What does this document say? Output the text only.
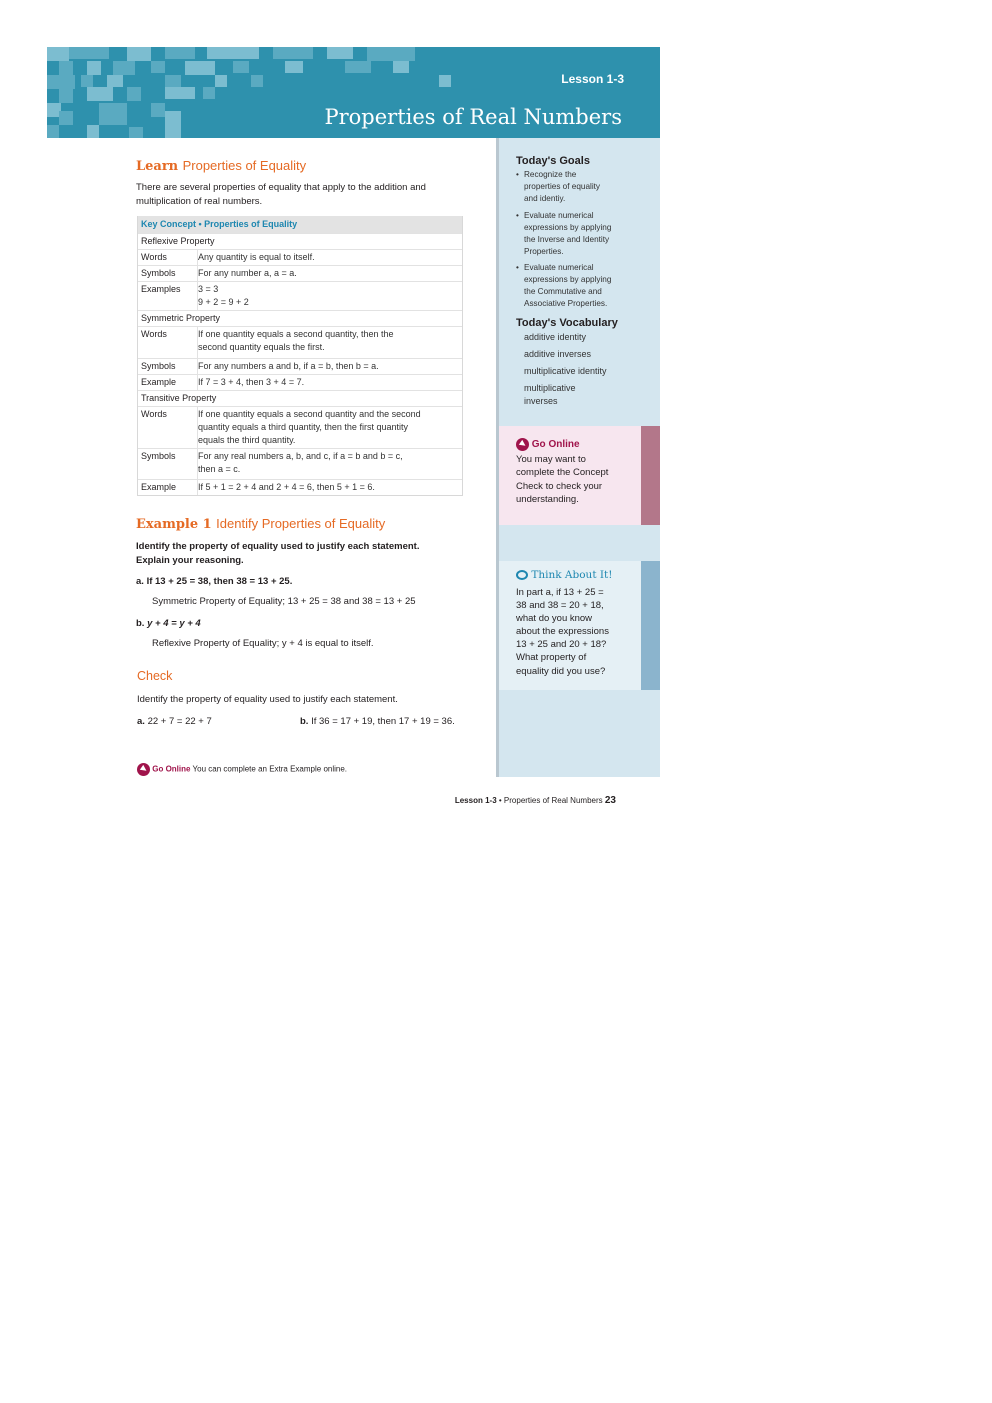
Lesson 1-3
Properties of Real Numbers
Learn Properties of Equality
There are several properties of equality that apply to the addition and
multiplication of real numbers.
Key Concept • Properties of Equality
Reflexive Property
Words	Any quantity is equal to itself.
Symbols For any number a, a = a.
Examples 3 = 3
9 + 2 = 9 + 2
Symmetric Property
Words	If one quantity equals a second quantity, then the
second quantity equals the first.
Symbols For any numbers a and b, if a = b, then b = a.
Example If 7 = 3 + 4, then 3 + 4 = 7.
Transitive Property
Words	If one quantity equals a second quantity and the second
quantity equals a third quantity, then the first quantity
equals the third quantity.
Symbols For any real numbers a, b, and c, if a = b and b = c,
then a = c.
Example If 5 + 1 = 2 + 4 and 2 + 4 = 6, then 5 + 1 = 6.
Example 1 Identify Properties of Equality
Identify the property of equality used to justify each statement.
Explain your reasoning.
a. If 13 + 25 = 38, then 38 = 13 + 25.
Symmetric Property of Equality; 13 + 25 = 38 and 38 = 13 + 25
b. y + 4 = y + 4
Reflexive Property of Equality; y + 4 is equal to itself.
Check
Identify the property of equality used to justify each statement.
a. 22 + 7 = 22 + 7	b. If 36 = 17 + 19, then 17 + 19 = 36.
Go Online You can complete an Extra Example online.
Today's Goals
• Recognize the
properties of equality
and identiy.
• Evaluate numerical
expressions by applying
the Inverse and Identity
Properties.
• Evaluate numerical
expressions by applying
the Commutative and
Associative Properties.
Today's Vocabulary
additive identity
additive inverses
multiplicative identity
multiplicative
inverses
Go Online
You may want to
complete the Concept
Check to check your
understanding.
Think About It!
In part a, if 13 + 25 =
38 and 38 = 20 + 18,
what do you know
about the expressions
13 + 25 and 20 + 18?
What property of
equality did you use?
Lesson 1-3 • Properties of Real Numbers 23
